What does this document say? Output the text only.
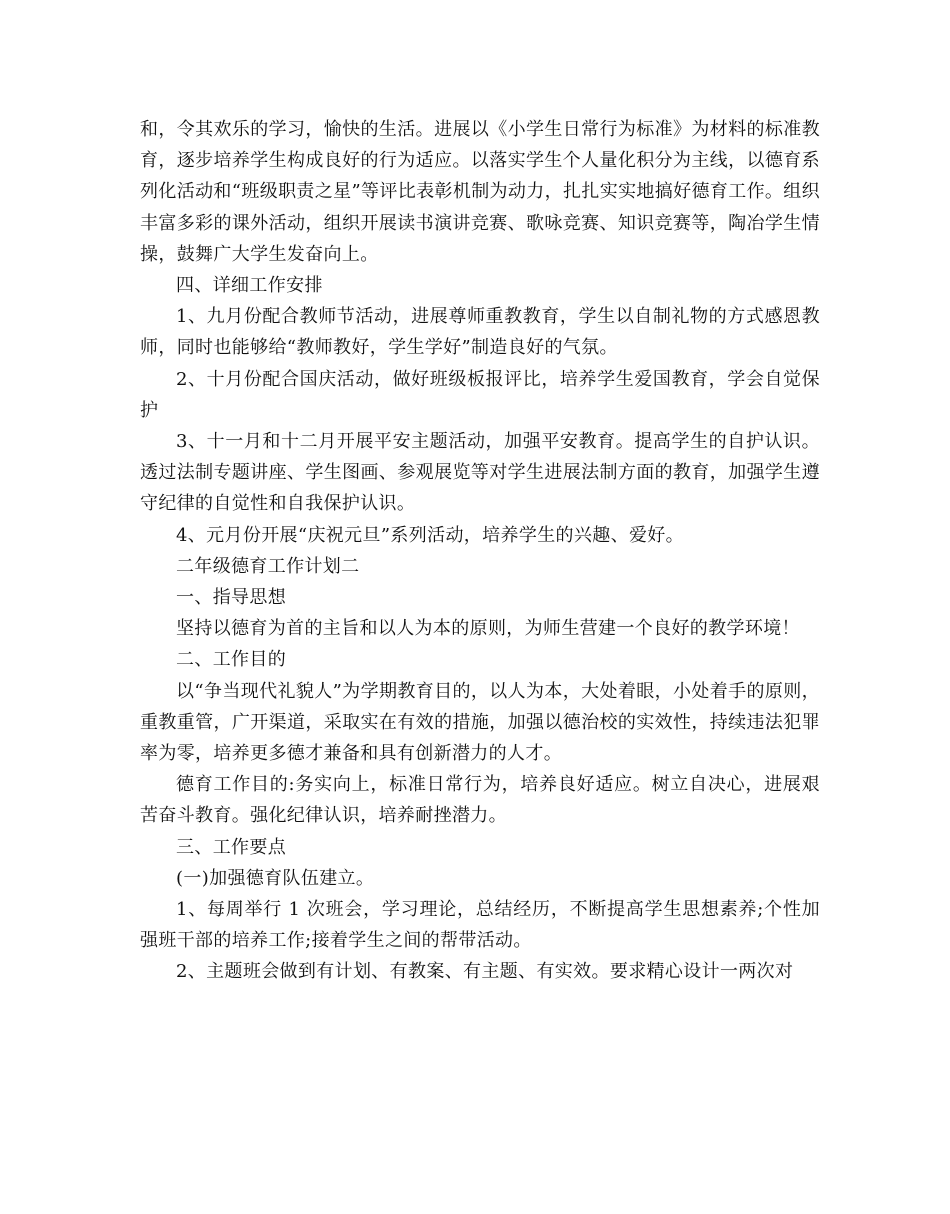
和，令其欢乐的学习，愉快的生活。进展以《小学生日常行为标准》为材料的标准教育，逐步培养学生构成良好的行为适应。以落实学生个人量化积分为主线，以德育系列化活动和“班级职责之星”等评比表彰机制为动力，扎扎实实地搞好德育工作。组织丰富多彩的课外活动，组织开展读书演讲竞赛、歌咏竞赛、知识竞赛等，陶冶学生情操，鼓舞广大学生发奋向上。

四、详细工作安排

1、九月份配合教师节活动，进展尊师重教教育，学生以自制礼物的方式感恩教师，同时也能够给“教师教好，学生学好”制造良好的气氛。

2、十月份配合国庆活动，做好班级板报评比，培养学生爱国教育，学会自觉保护

3、十一月和十二月开展平安主题活动，加强平安教育。提高学生的自护认识。透过法制专题讲座、学生图画、参观展览等对学生进展法制方面的教育，加强学生遵守纪律的自觉性和自我保护认识。

4、元月份开展“庆祝元旦”系列活动，培养学生的兴趣、爱好。

二年级德育工作计划二

一、指导思想

坚持以德育为首的主旨和以人为本的原则，为师生营建一个良好的教学环境！

二、工作目的

以“争当现代礼貌人”为学期教育目的，以人为本，大处着眼，小处着手的原则，重教重管，广开渠道，采取实在有效的措施，加强以德治校的实效性，持续违法犯罪率为零，培养更多德才兼备和具有创新潜力的人才。

德育工作目的:务实向上，标准日常行为，培养良好适应。树立自决心，进展艰苦奋斗教育。强化纪律认识，培养耐挫潜力。

三、工作要点

(一)加强德育队伍建立。

1、每周举行 1 次班会，学习理论，总结经历，不断提高学生思想素养;个性加强班干部的培养工作;接着学生之间的帮带活动。

2、主题班会做到有计划、有教案、有主题、有实效。要求精心设计一两次对
